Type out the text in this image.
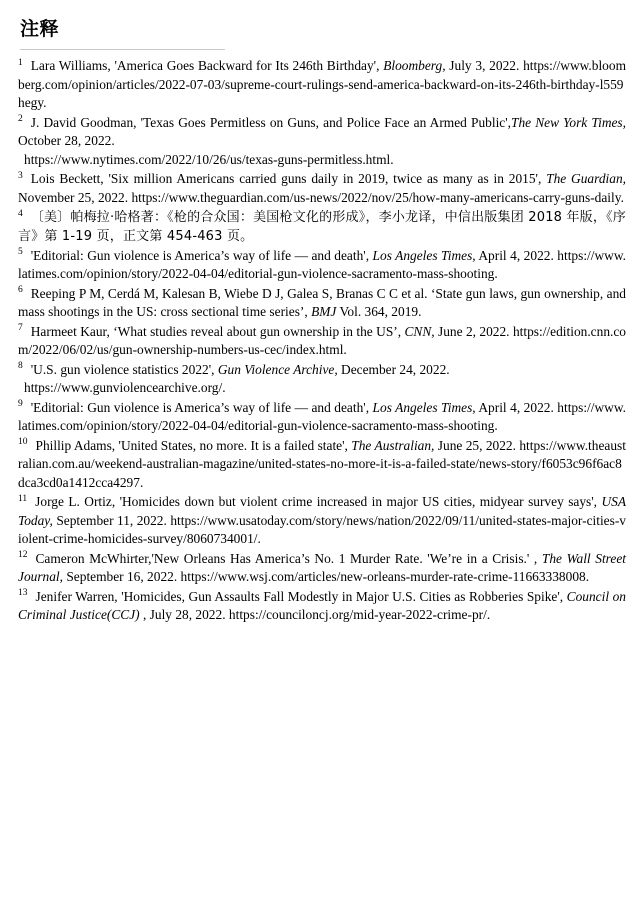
注释
$^1$ Lara Williams, 'America Goes Backward for Its 246th Birthday', Bloomberg, July 3, 2022. https://www.bloomberg.com/opinion/articles/2022-07-03/supreme-court-rulings-send-america-backward-on-its-246th-birthday-l559hegy.
$^2$ J. David Goodman, 'Texas Goes Permitless on Guns, and Police Face an Armed Public',The New York Times, October 28, 2022.
https://www.nytimes.com/2022/10/26/us/texas-guns-permitless.html.
$^3$ Lois Beckett, 'Six million Americans carried guns daily in 2019, twice as many as in 2015', The Guardian, November 25, 2022. https://www.theguardian.com/us-news/2022/nov/25/how-many-americans-carry-guns-daily.
$^4$ 〔美〕帕梅拉·哈格著：《枪的合众国：美国枪文化的形成》，李小龙译，中信出版集团 2018 年版，《序言》第 1-19 页，正文第 454-463 页。
$^5$ 'Editorial: Gun violence is America’s way of life — and death', Los Angeles Times, April 4, 2022. https://www.latimes.com/opinion/story/2022-04-04/editorial-gun-violence-sacramento-mass-shooting.
$^6$ Reeping P M, Cerdá M, Kalesan B, Wiebe D J, Galea S, Branas C C et al. ‘State gun laws, gun ownership, and mass shootings in the US: cross sectional time series’, BMJ Vol. 364, 2019.
$^7$ Harmeet Kaur, ‘What studies reveal about gun ownership in the US’, CNN, June 2, 2022. https://edition.cnn.com/2022/06/02/us/gun-ownership-numbers-us-cec/index.html.
$^8$ 'U.S. gun violence statistics 2022', Gun Violence Archive, December 24, 2022.
https://www.gunviolencearchive.org/.
$^9$ 'Editorial: Gun violence is America’s way of life — and death', Los Angeles Times, April 4, 2022. https://www.latimes.com/opinion/story/2022-04-04/editorial-gun-violence-sacramento-mass-shooting.
$^{10}$ Phillip Adams, 'United States, no more. It is a failed state', The Australian, June 25, 2022. https://www.theaustralian.com.au/weekend-australian-magazine/united-states-no-more-it-is-a-failed-state/news-story/f6053c96f6ac8dca3cd0a1412cca4297.
$^{11}$ Jorge L. Ortiz, 'Homicides down but violent crime increased in major US cities, midyear survey says', USA Today, September 11, 2022. https://www.usatoday.com/story/news/nation/2022/09/11/united-states-major-cities-violent-crime-homicides-survey/8060734001/.
$^{12}$ Cameron McWhirter,'New Orleans Has America’s No. 1 Murder Rate. 'We’re in a Crisis.' , The Wall Street Journal, September 16, 2022. https://www.wsj.com/articles/new-orleans-murder-rate-crime-11663338008.
$^{13}$ Jenifer Warren, 'Homicides, Gun Assaults Fall Modestly in Major U.S. Cities as Robberies Spike', Council on Criminal Justice(CCJ) , July 28, 2022. https://counciloncj.org/mid-year-2022-crime-pr/.
